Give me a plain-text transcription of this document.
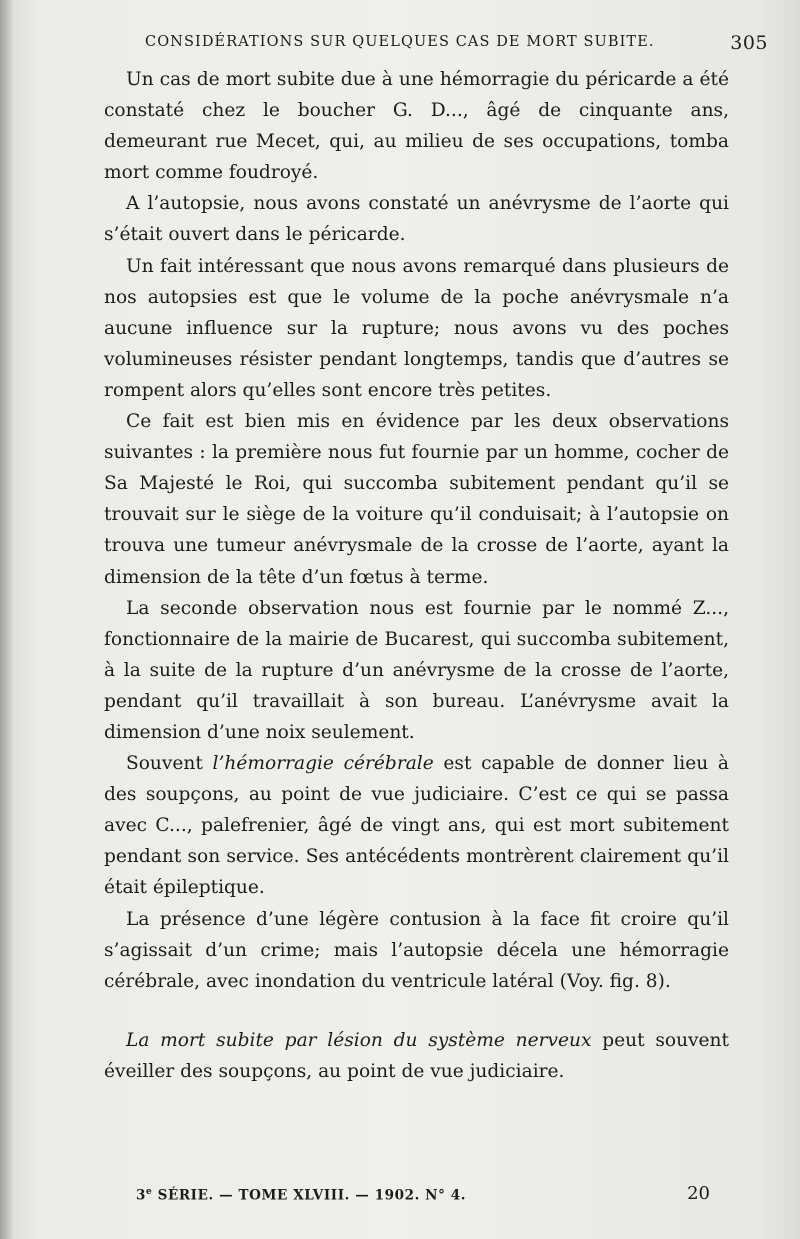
CONSIDÉRATIONS SUR QUELQUES CAS DE MORT SUBITE.	305

Un cas de mort subite due à une hémorragie du péricarde a été constaté chez le boucher G. D..., âgé de cinquante ans, demeurant rue Mecet, qui, au milieu de ses occupations, tomba mort comme foudroyé.

A l’autopsie, nous avons constaté un anévrysme de l’aorte qui s’était ouvert dans le péricarde.

Un fait intéressant que nous avons remarqué dans plusieurs de nos autopsies est que le volume de la poche anévrysmale n’a aucune influence sur la rupture; nous avons vu des poches volumineuses résister pendant longtemps, tandis que d’autres se rompent alors qu’elles sont encore très petites.

Ce fait est bien mis en évidence par les deux observations suivantes : la première nous fut fournie par un homme, cocher de Sa Majesté le Roi, qui succomba subitement pendant qu’il se trouvait sur le siège de la voiture qu’il conduisait; à l’autopsie on trouva une tumeur anévrysmale de la crosse de l’aorte, ayant la dimension de la tête d’un fœtus à terme.

La seconde observation nous est fournie par le nommé Z..., fonctionnaire de la mairie de Bucarest, qui succomba subitement, à la suite de la rupture d’un anévrysme de la crosse de l’aorte, pendant qu’il travaillait à son bureau. L’anévrysme avait la dimension d’une noix seulement.

Souvent l’hémorragie cérébrale est capable de donner lieu à des soupçons, au point de vue judiciaire. C’est ce qui se passa avec C..., palefrenier, âgé de vingt ans, qui est mort subitement pendant son service. Ses antécédents montrèrent clairement qu’il était épileptique.

La présence d’une légère contusion à la face fit croire qu’il s’agissait d’un crime; mais l’autopsie décela une hémorragie cérébrale, avec inondation du ventricule latéral (Voy. fig. 8).

La mort subite par lésion du système nerveux peut souvent éveiller des soupçons, au point de vue judiciaire.

3e SÉRIE. — TOME XLVIII. — 1902. N° 4.	20
